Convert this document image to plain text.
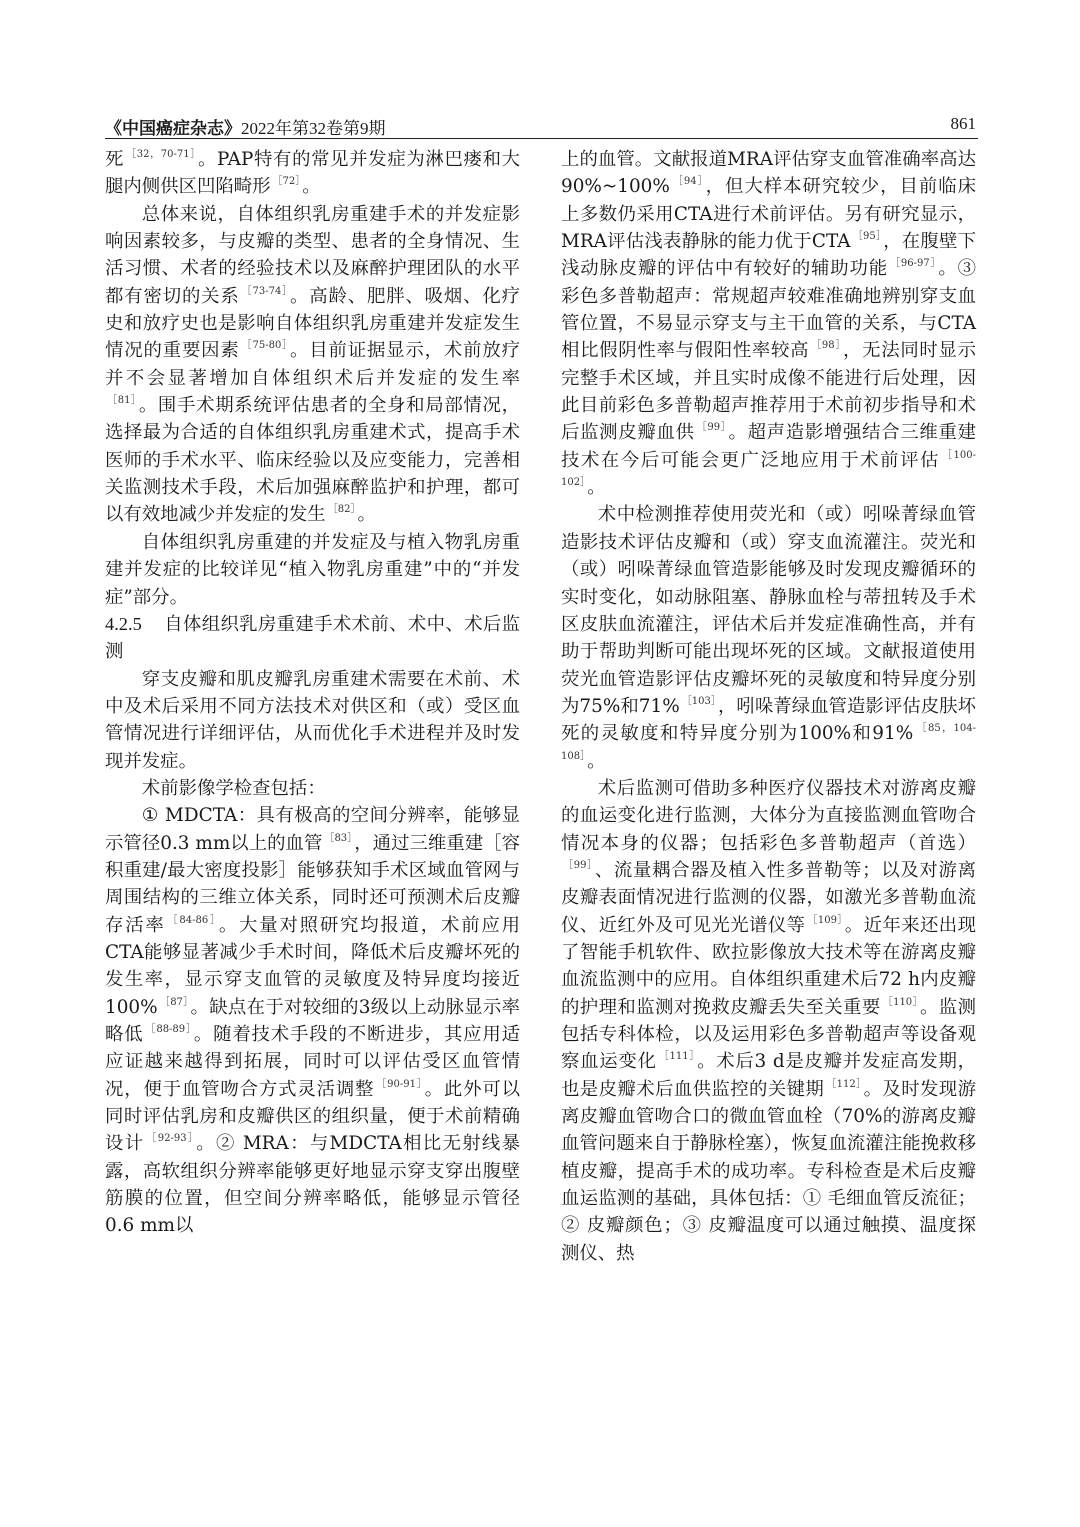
《中国癌症杂志》2022年第32卷第9期	861

死 ［ $^{32,70-71}$ ］ 。PAP特有的常见并发症为淋巴瘘和大腿内侧供区凹陷畸形 ［ $^{72}$ ］ 。

总体来说，自体组织乳房重建手术的并发症影响因素较多，与皮瓣的类型、患者的全身情况、生活习惯、术者的经验技术以及麻醉护理团队的水平都有密切的关系 ［ $^{73-74}$ ］ 。高龄、肥胖、吸烟、化疗史和放疗史也是影响自体组织乳房重建并发症发生情况的重要因素 ［ $^{75-80}$ ］ 。目前证据显示，术前放疗并不会显著增加自体组织术后并发症的发生率［ $^{81}$ ］ 。围手术期系统评估患者的全身和局部情况，选择最为合适的自体组织乳房重建术式，提高手术医师的手术水平、临床经验以及应变能力，完善相关监测技术手段，术后加强麻醉监护和护理，都可以有效地减少并发症的发生 ［ $^{82}$ ］ 。

自体组织乳房重建的并发症及与植入物乳房重建并发症的比较详见“植入物乳房重建”中的“并发症”部分。

4.2.5 自体组织乳房重建手术术前、术中、术后监测

穿支皮瓣和肌皮瓣乳房重建术需要在术前、术中及术后采用不同方法技术对供区和（或）受区血管情况进行详细评估，从而优化手术进程并及时发现并发症。

术前影像学检查包括：

① MDCTA：具有极高的空间分辨率，能够显示管径0.3 mm以上的血管 ［ $^{83}$ ］ ，通过三维重建［容积重建/最大密度投影］能够获知手术区域血管网与周围结构的三维立体关系，同时还可预测术后皮瓣存活率 ［ $^{84-86}$ ］ 。大量对照研究均报道，术前应用CTA能够显著减少手术时间，降低术后皮瓣坏死的发生率，显示穿支血管的灵敏度及特异度均接近100% ［ $^{87}$ ］ 。缺点在于对较细的3级以上动脉显示率略低 ［ $^{88-89}$ ］ 。随着技术手段的不断进步，其应用适应证越来越得到拓展，同时可以评估受区血管情况，便于血管吻合方式灵活调整 ［ $^{90-91}$ ］ 。此外可以同时评估乳房和皮瓣供区的组织量，便于术前精确设计 ［ $^{92-93}$ ］ 。② MRA：与MDCTA相比无射线暴露，高软组织分辨率能够更好地显示穿支穿出腹壁筋膜的位置，但空间分辨率略低，能够显示管径0.6 mm以

上的血管。文献报道MRA评估穿支血管准确率高达90%~100% ［ $^{94}$ ］ ，但大样本研究较少，目前临床上多数仍采用CTA进行术前评估。另有研究显示，MRA评估浅表静脉的能力优于CTA ［ $^{95}$ ］ ，在腹壁下浅动脉皮瓣的评估中有较好的辅助功能 ［ $^{96-97}$ ］ 。③ 彩色多普勒超声：常规超声较难准确地辨别穿支血管位置，不易显示穿支与主干血管的关系，与CTA相比假阴性率与假阳性率较高 ［ $^{98}$ ］ ，无法同时显示完整手术区域，并且实时成像不能进行后处理，因此目前彩色多普勒超声推荐用于术前初步指导和术后监测皮瓣血供 ［ $^{99}$ ］ 。超声造影增强结合三维重建技术在今后可能会更广泛地应用于术前评估 ［ $^{100-102}$ ］ 。

术中检测推荐使用荧光和（或）吲哚菁绿血管造影技术评估皮瓣和（或）穿支血流灌注。荧光和（或）吲哚菁绿血管造影能够及时发现皮瓣循环的实时变化，如动脉阻塞、静脉血栓与蒂扭转及手术区皮肤血流灌注，评估术后并发症准确性高，并有助于帮助判断可能出现坏死的区域。文献报道使用荧光血管造影评估皮瓣坏死的灵敏度和特异度分别为75%和71% ［ $^{103}$ ］ ，吲哚菁绿血管造影评估皮肤坏死的灵敏度和特异度分别为100%和91% ［ $^{85,104-108}$ ］ 。

术后监测可借助多种医疗仪器技术对游离皮瓣的血运变化进行监测，大体分为直接监测血管吻合情况本身的仪器；包括彩色多普勒超声（首选）［ $^{99}$ ］ 、流量耦合器及植入性多普勒等；以及对游离皮瓣表面情况进行监测的仪器，如激光多普勒血流仪、近红外及可见光光谱仪等 ［ $^{109}$ ］ 。近年来还出现了智能手机软件、欧拉影像放大技术等在游离皮瓣血流监测中的应用。自体组织重建术后72 h内皮瓣的护理和监测对挽救皮瓣丢失至关重要 ［ $^{110}$ ］ 。监测包括专科体检，以及运用彩色多普勒超声等设备观察血运变化 ［ $^{111}$ ］ 。术后3 d是皮瓣并发症高发期，也是皮瓣术后血供监控的关键期 ［ $^{112}$ ］ 。及时发现游离皮瓣血管吻合口的微血管血栓（70%的游离皮瓣血管问题来自于静脉栓塞），恢复血流灌注能挽救移植皮瓣，提高手术的成功率。专科检查是术后皮瓣血运监测的基础，具体包括：① 毛细血管反流征；② 皮瓣颜色；③ 皮瓣温度可以通过触摸、温度探测仪、热
